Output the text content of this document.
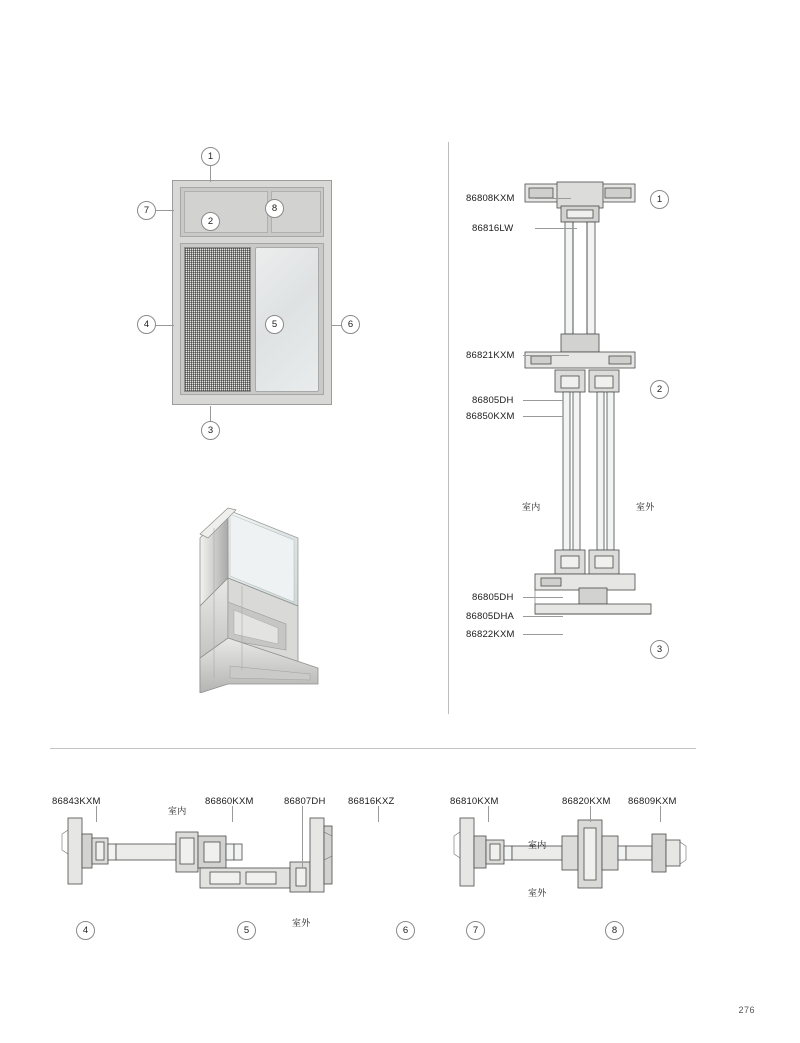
1
7
2
8
4	5	6
3
86808KXM
86816LW
86821KXM
86805DH
86850KXM
86805DH
86805DHA
86822KXM
室内	室外
1
2
3
86843KXM	86860KXM	86807DH 86816KXZ
室内
室外
4	5	6
86810KXM	86820KXM 86809KXM
室内
室外
7	8
276
